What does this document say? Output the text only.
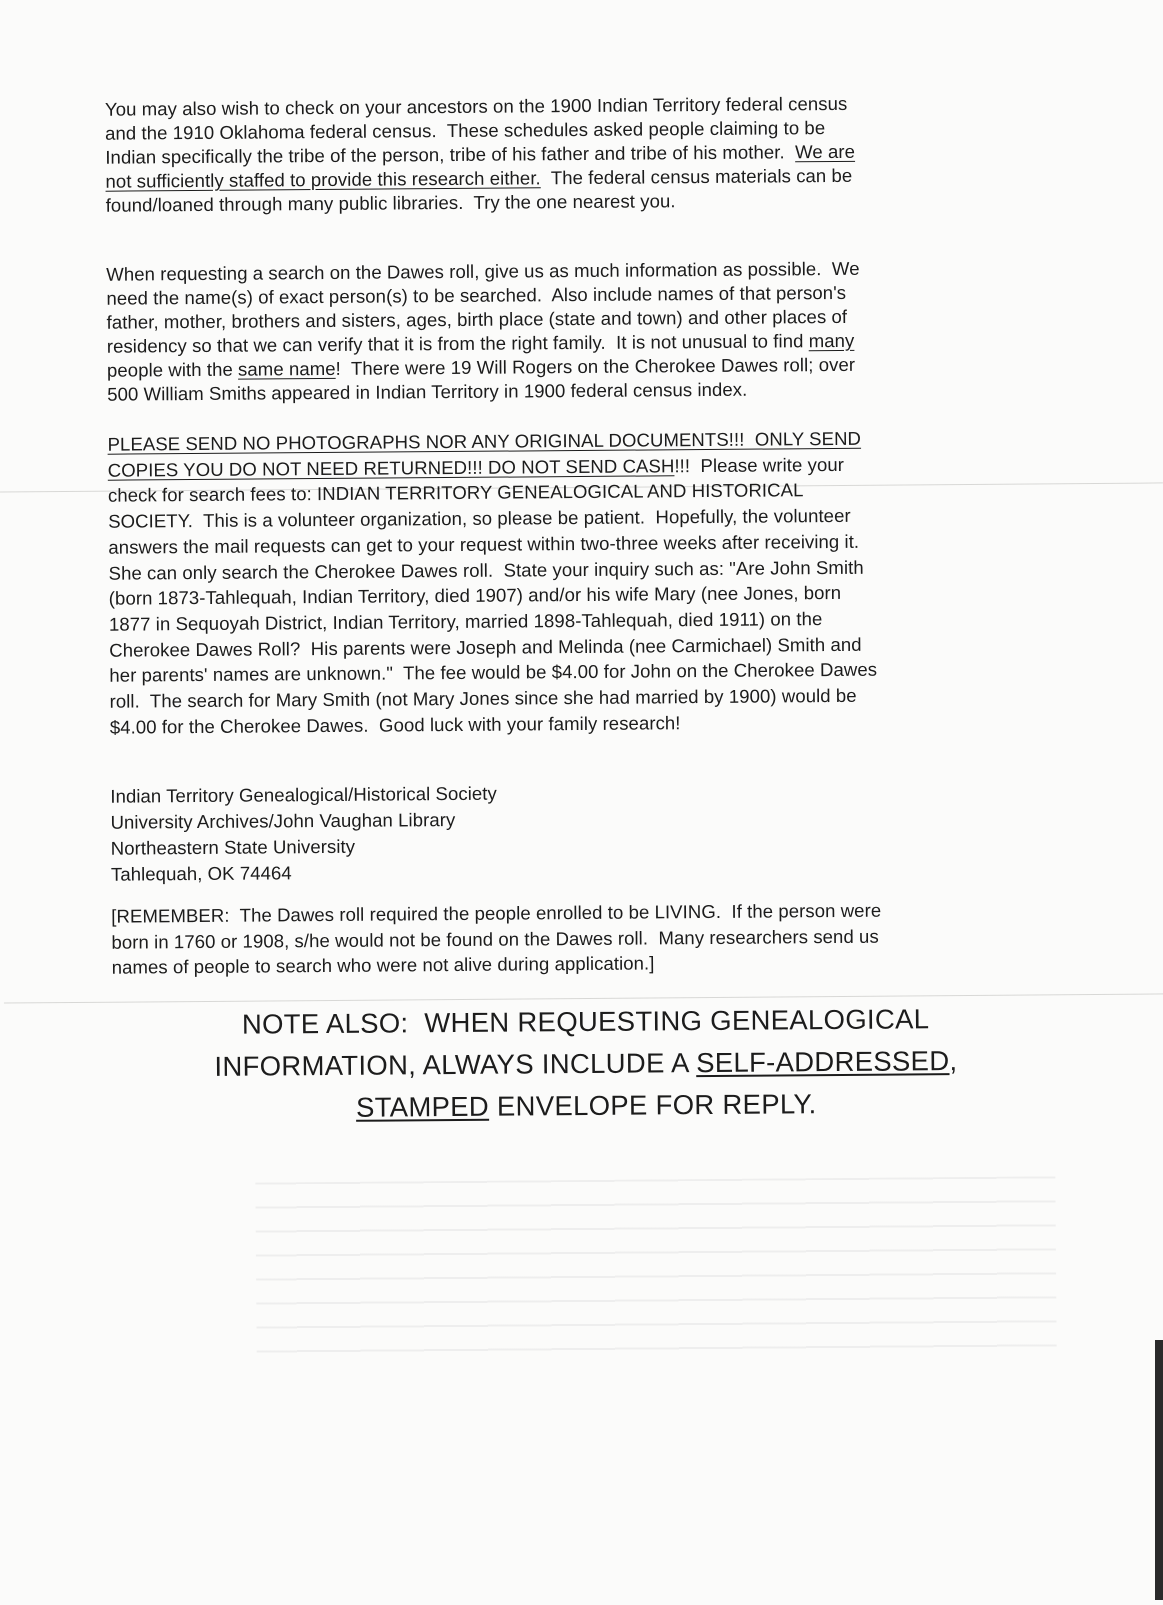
You may also wish to check on your ancestors on the 1900 Indian Territory federal census
and the 1910 Oklahoma federal census.  These schedules asked people claiming to be
Indian specifically the tribe of the person, tribe of his father and tribe of his mother.  We are
not sufficiently staffed to provide this research either.  The federal census materials can be
found/loaned through many public libraries.  Try the one nearest you.
When requesting a search on the Dawes roll, give us as much information as possible.  We
need the name(s) of exact person(s) to be searched.  Also include names of that person's
father, mother, brothers and sisters, ages, birth place (state and town) and other places of
residency so that we can verify that it is from the right family.  It is not unusual to find many
people with the same name!  There were 19 Will Rogers on the Cherokee Dawes roll; over
500 William Smiths appeared in Indian Territory in 1900 federal census index.
PLEASE SEND NO PHOTOGRAPHS NOR ANY ORIGINAL DOCUMENTS!!!  ONLY SEND
COPIES YOU DO NOT NEED RETURNED!!! DO NOT SEND CASH!!!  Please write your
check for search fees to: INDIAN TERRITORY GENEALOGICAL AND HISTORICAL
SOCIETY.  This is a volunteer organization, so please be patient.  Hopefully, the volunteer
answers the mail requests can get to your request within two-three weeks after receiving it.
She can only search the Cherokee Dawes roll.  State your inquiry such as: "Are John Smith
(born 1873-Tahlequah, Indian Territory, died 1907) and/or his wife Mary (nee Jones, born
1877 in Sequoyah District, Indian Territory, married 1898-Tahlequah, died 1911) on the
Cherokee Dawes Roll?  His parents were Joseph and Melinda (nee Carmichael) Smith and
her parents' names are unknown."  The fee would be $4.00 for John on the Cherokee Dawes
roll.  The search for Mary Smith (not Mary Jones since she had married by 1900) would be
$4.00 for the Cherokee Dawes.  Good luck with your family research!
Indian Territory Genealogical/Historical Society
University Archives/John Vaughan Library
Northeastern State University
Tahlequah, OK 74464
[REMEMBER:  The Dawes roll required the people enrolled to be LIVING.  If the person were
born in 1760 or 1908, s/he would not be found on the Dawes roll.  Many researchers send us
names of people to search who were not alive during application.]
NOTE ALSO:  WHEN REQUESTING GENEALOGICAL
INFORMATION, ALWAYS INCLUDE A SELF-ADDRESSED,
STAMPED ENVELOPE FOR REPLY.
